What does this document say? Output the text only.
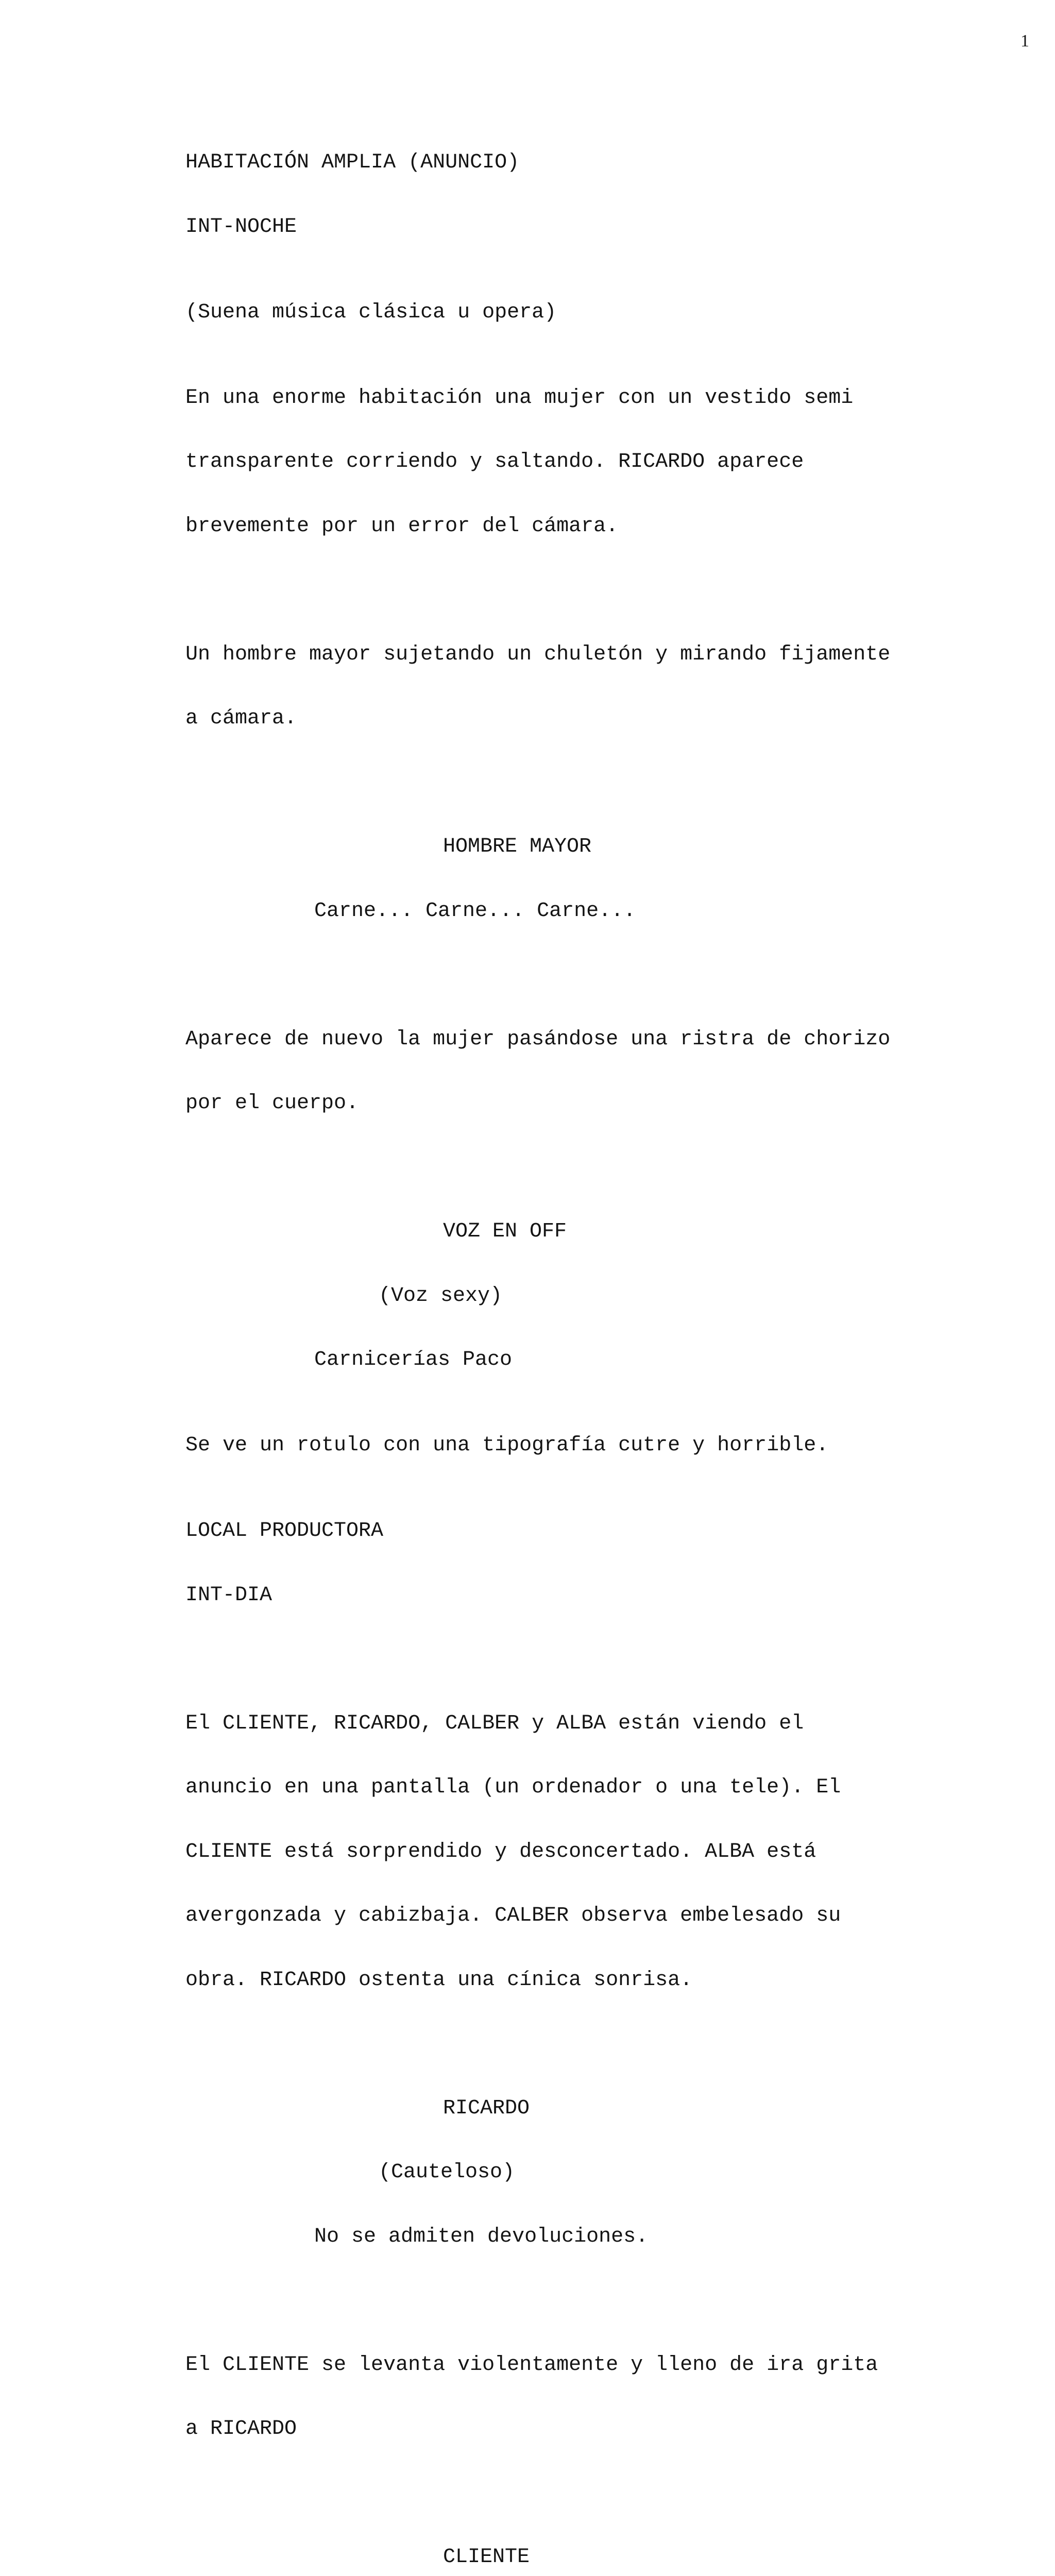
1

HABITACIÓN AMPLIA (ANUNCIO)

INT-NOCHE

(Suena música clásica u opera)

En una enorme habitación una mujer con un vestido semi

transparente corriendo y saltando. RICARDO aparece

brevemente por un error del cámara.

Un hombre mayor sujetando un chuletón y mirando fijamente

a cámara.

HOMBRE MAYOR

Carne... Carne... Carne...

Aparece de nuevo la mujer pasándose una ristra de chorizo

por el cuerpo.

VOZ EN OFF

(Voz sexy)

Carnicerías Paco

Se ve un rotulo con una tipografía cutre y horrible.

LOCAL PRODUCTORA

INT-DIA

El CLIENTE, RICARDO, CALBER y ALBA están viendo el

anuncio en una pantalla (un ordenador o una tele). El

CLIENTE está sorprendido y desconcertado. ALBA está

avergonzada y cabizbaja. CALBER observa embelesado su

obra. RICARDO ostenta una cínica sonrisa.

RICARDO

(Cauteloso)

No se admiten devoluciones.

El CLIENTE se levanta violentamente y lleno de ira grita

a RICARDO

CLIENTE
